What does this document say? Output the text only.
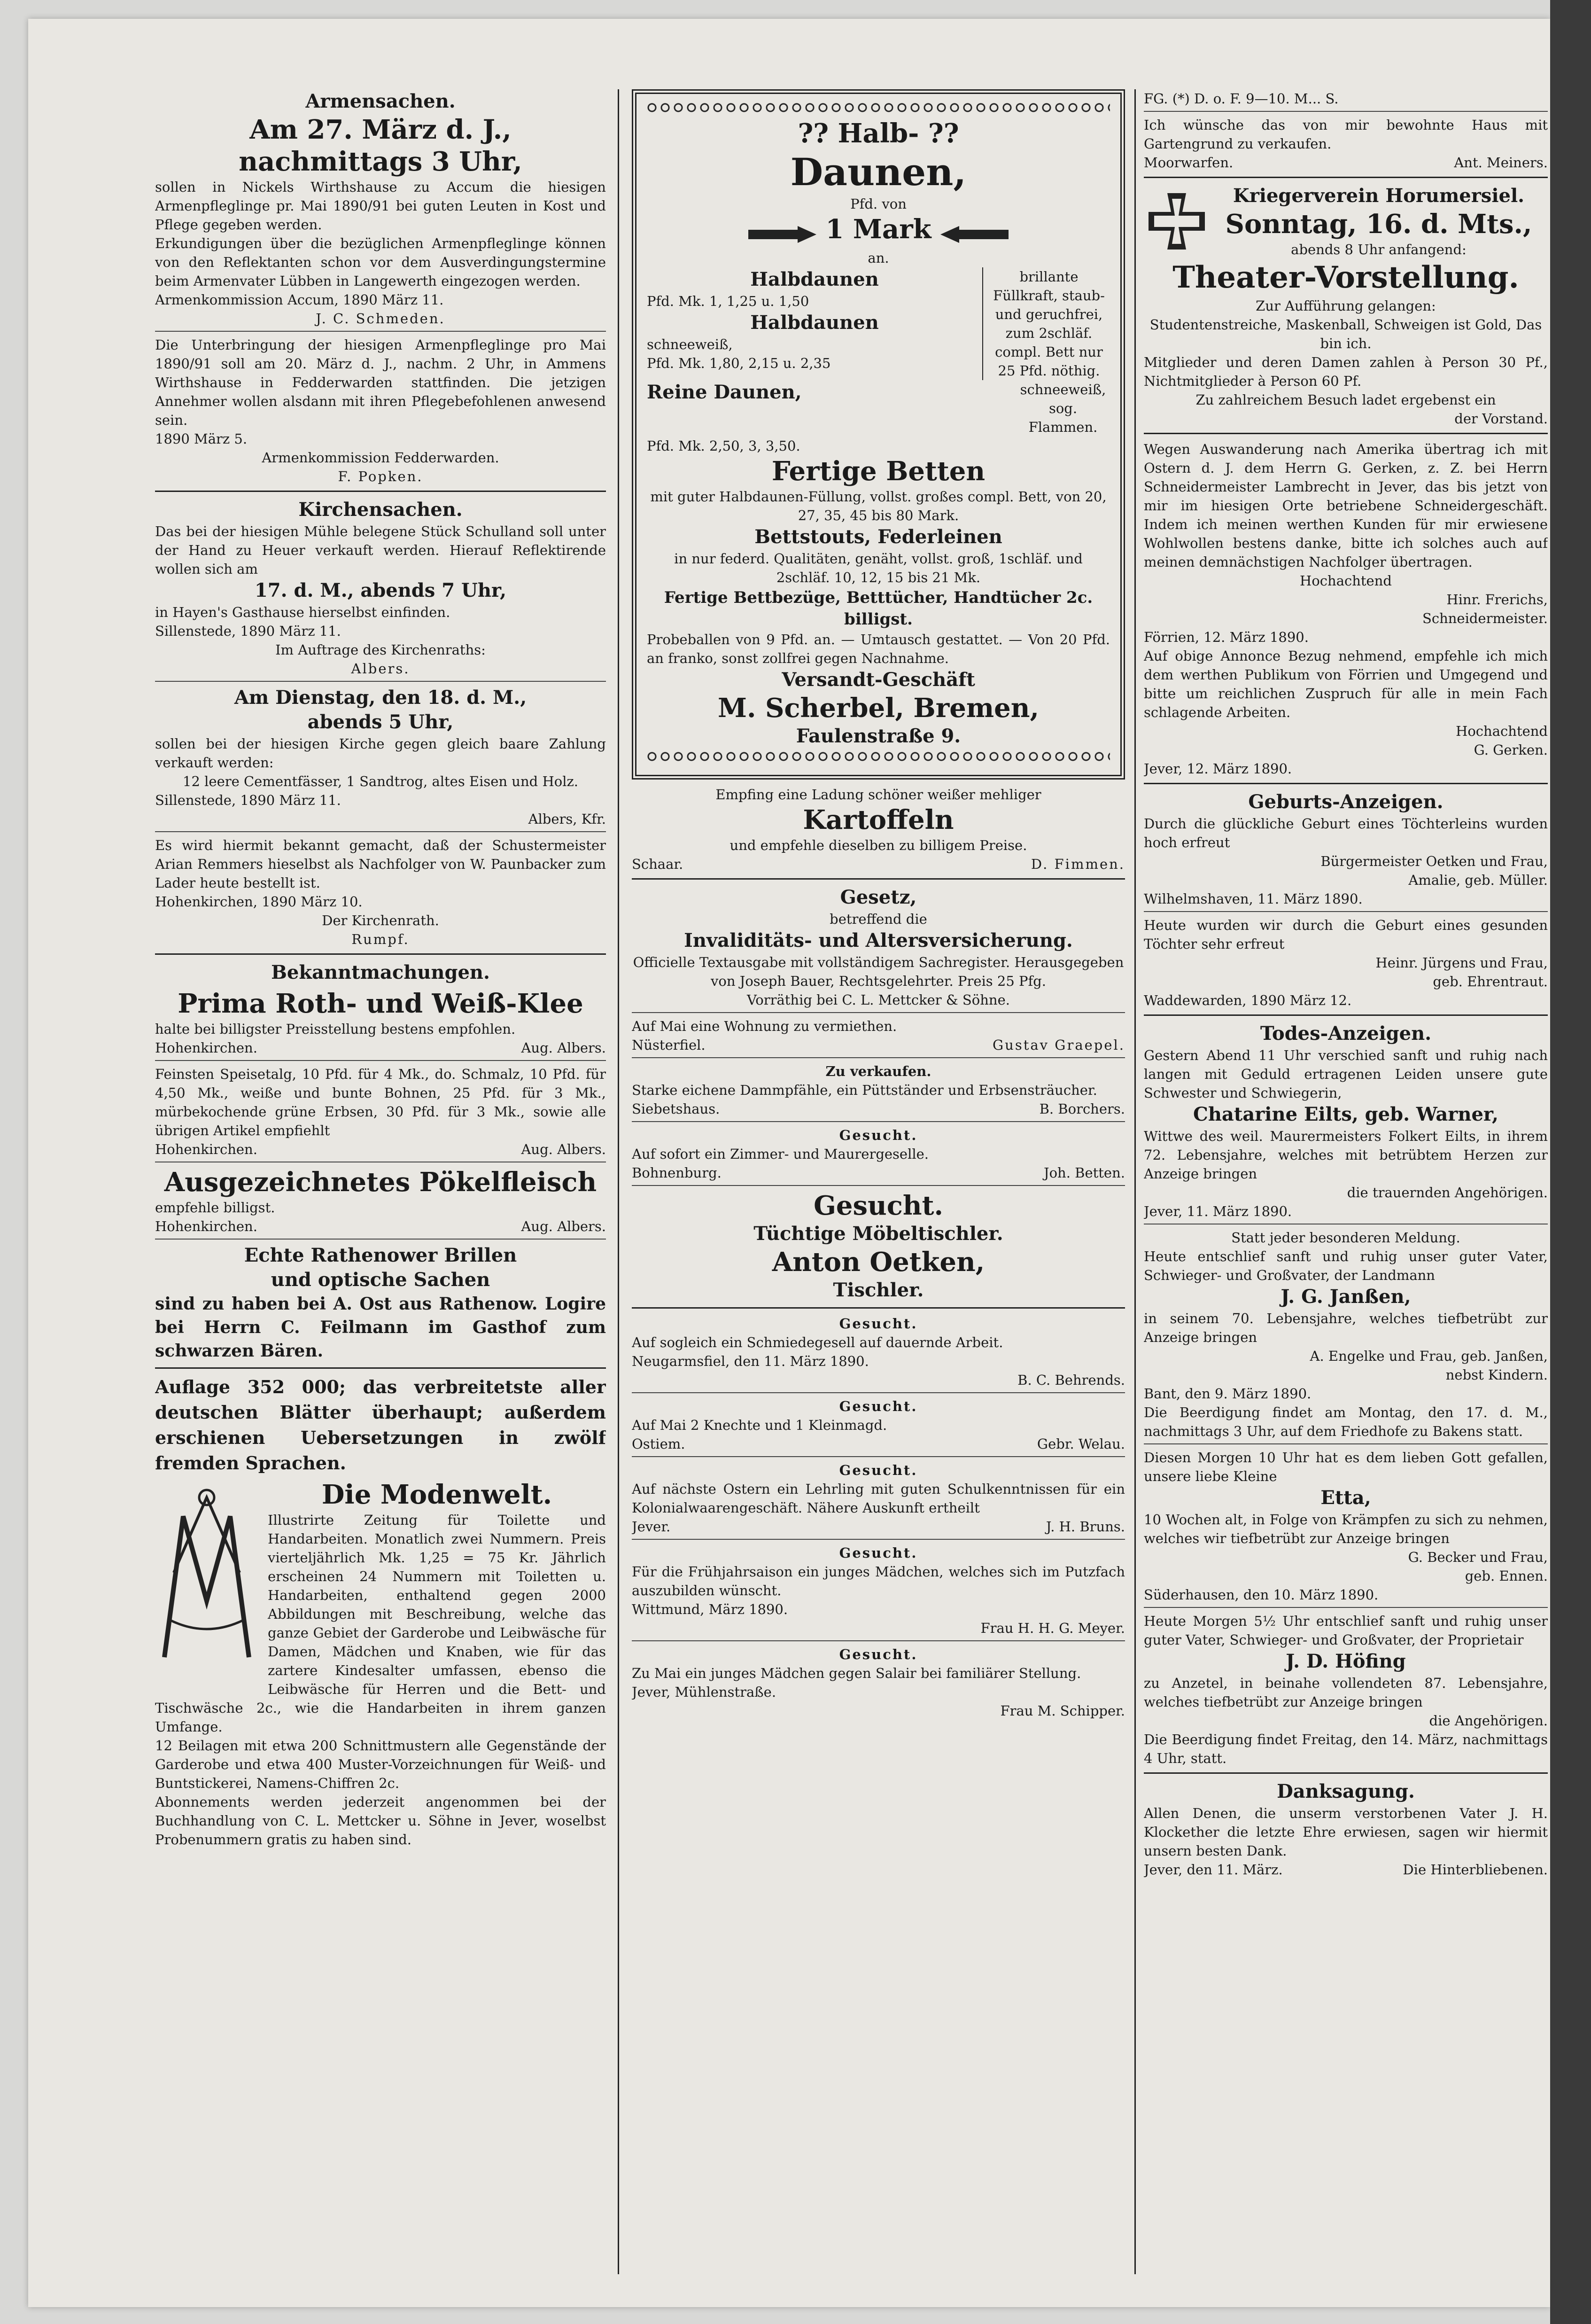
Armensachen.
Am 27. März d. J.,
nachmittags 3 Uhr,
sollen in Nickels Wirthshause zu Accum die hiesigen Armenpfleglinge pr. Mai 1890/91 bei guten Leuten in Kost und Pflege gegeben werden.
Erkundigungen über die bezüglichen Armenpfleglinge können von den Reflektanten schon vor dem Ausverdingungstermine beim Armenvater Lübben in Langewerth eingezogen werden.
Armenkommission Accum, 1890 März 11.
J. C. Schmeden.
Die Unterbringung der hiesigen Armenpfleglinge pro Mai 1890/91 soll am 20. März d. J., nachm. 2 Uhr, in Ammens Wirthshause in Fedderwarden stattfinden. Die jetzigen Annehmer wollen alsdann mit ihren Pflegebefohlenen anwesend sein.
1890 März 5.
Armenkommission Fedderwarden.
F. Popken.
Kirchensachen.
Das bei der hiesigen Mühle belegene Stück Schulland soll unter der Hand zu Heuer verkauft werden. Hierauf Reflektirende wollen sich am
17. d. M., abends 7 Uhr,
in Hayen's Gasthause hierselbst einfinden.
Sillenstede, 1890 März 11.
Im Auftrage des Kirchenraths:
Albers.
Am Dienstag, den 18. d. M.,
abends 5 Uhr,
sollen bei der hiesigen Kirche gegen gleich baare Zahlung verkauft werden:
12 leere Cementfässer, 1 Sandtrog, altes Eisen und Holz.
Sillenstede, 1890 März 11.
Albers, Kfr.
Es wird hiermit bekannt gemacht, daß der Schustermeister Arian Remmers hieselbst als Nachfolger von W. Paunbacker zum Lader heute bestellt ist.
Hohenkirchen, 1890 März 10.
Der Kirchenrath.
Rumpf.
Bekanntmachungen.
Prima Roth- und Weiß-Klee
halte bei billigster Preisstellung bestens empfohlen.
Hohenkirchen.	Aug. Albers.
Feinsten Speisetalg, 10 Pfd. für 4 Mk., do. Schmalz, 10 Pfd. für 4,50 Mk., weiße und bunte Bohnen, 25 Pfd. für 3 Mk., mürbekochende grüne Erbsen, 30 Pfd. für 3 Mk., sowie alle übrigen Artikel empfiehlt
Hohenkirchen.	Aug. Albers.
Ausgezeichnetes Pökelfleisch
empfehle billigst.
Hohenkirchen.	Aug. Albers.
Echte Rathenower Brillen
und optische Sachen
sind zu haben bei A. Ost aus Rathenow. Logire bei Herrn C. Feilmann im Gasthof zum schwarzen Bären.
Auflage 352 000; das verbreitetste aller deutschen Blätter überhaupt; außerdem erschienen Uebersetzungen in zwölf fremden Sprachen.
Die Modenwelt.
Illustrirte Zeitung für Toilette und Handarbeiten. Monatlich zwei Nummern. Preis vierteljährlich Mk. 1,25 = 75 Kr. Jährlich erscheinen 24 Nummern mit Toiletten u. Handarbeiten, enthaltend gegen 2000 Abbildungen mit Beschreibung, welche das ganze Gebiet der Garderobe und Leibwäsche für Damen, Mädchen und Knaben, wie für das zartere Kindesalter umfassen, ebenso die Leibwäsche für Herren und die Bett- und Tischwäsche 2c., wie die Handarbeiten in ihrem ganzen Umfange.
12 Beilagen mit etwa 200 Schnittmustern alle Gegenstände der Garderobe und etwa 400 Muster-Vorzeichnungen für Weiß- und Buntstickerei, Namens-Chiffren 2c.
Abonnements werden jederzeit angenommen bei der Buchhandlung von C. L. Mettcker u. Söhne in Jever, woselbst Probenummern gratis zu haben sind.
?? Halb- ??
Daunen,
Pfd. von
1 Mark
an.
Halbdaunen
Pfd. Mk. 1, 1,25 u. 1,50
Halbdaunen
schneeweiß,
Pfd. Mk. 1,80, 2,15 u. 2,35
brillante Füllkraft, staub- und geruchfrei, zum 2schläf. compl. Bett nur 25 Pfd. nöthig.
Reine Daunen,	schneeweiß, sog. Flammen.
Pfd. Mk. 2,50, 3, 3,50.
Fertige Betten
mit guter Halbdaunen-Füllung, vollst. großes compl. Bett, von 20, 27, 35, 45 bis 80 Mark.
Bettstouts, Federleinen
in nur federd. Qualitäten, genäht, vollst. groß, 1schläf. und 2schläf. 10, 12, 15 bis 21 Mk.
Fertige Bettbezüge, Betttücher, Handtücher 2c. billigst.
Probeballen von 9 Pfd. an. — Umtausch gestattet. — Von 20 Pfd. an franko, sonst zollfrei gegen Nachnahme.
Versandt-Geschäft
M. Scherbel, Bremen,
Faulenstraße 9.
Empfing eine Ladung schöner weißer mehliger
Kartoffeln
und empfehle dieselben zu billigem Preise.
Schaar.	D. Fimmen.
Gesetz,
betreffend die
Invaliditäts- und Altersversicherung.
Officielle Textausgabe mit vollständigem Sachregister. Herausgegeben von Joseph Bauer, Rechtsgelehrter. Preis 25 Pfg.
Vorräthig bei C. L. Mettcker & Söhne.
Auf Mai eine Wohnung zu vermiethen.
Nüsterfiel.	Gustav Graepel.
Zu verkaufen.
Starke eichene Dammpfähle, ein Püttständer und Erbsensträucher.
Siebetshaus.	B. Borchers.
Gesucht.
Auf sofort ein Zimmer- und Maurergeselle.
Bohnenburg.	Joh. Betten.
Gesucht.
Tüchtige Möbeltischler.
Anton Oetken,
Tischler.
Gesucht.
Auf sogleich ein Schmiedegesell auf dauernde Arbeit.
Neugarmsfiel, den 11. März 1890.
B. C. Behrends.
Gesucht.
Auf Mai 2 Knechte und 1 Kleinmagd.
Ostiem.	Gebr. Welau.
Gesucht.
Auf nächste Ostern ein Lehrling mit guten Schulkenntnissen für ein Kolonialwaarengeschäft. Nähere Auskunft ertheilt
Jever.	J. H. Bruns.
Gesucht.
Für die Frühjahrsaison ein junges Mädchen, welches sich im Putzfach auszubilden wünscht.
Wittmund, März 1890.
Frau H. H. G. Meyer.
Gesucht.
Zu Mai ein junges Mädchen gegen Salair bei familiärer Stellung.
Jever, Mühlenstraße.
Frau M. Schipper.
FG. (*) D. o. F. 9—10. M... S.
Ich wünsche das von mir bewohnte Haus mit Gartengrund zu verkaufen.
Moorwarfen.	Ant. Meiners.
Kriegerverein Horumersiel.
Sonntag, 16. d. Mts.,
abends 8 Uhr anfangend:
Theater-Vorstellung.
Zur Aufführung gelangen:
Studentenstreiche, Maskenball, Schweigen ist Gold, Das bin ich.
Mitglieder und deren Damen zahlen à Person 30 Pf., Nichtmitglieder à Person 60 Pf.
Zu zahlreichem Besuch ladet ergebenst ein
der Vorstand.
Wegen Auswanderung nach Amerika übertrag ich mit Ostern d. J. dem Herrn G. Gerken, z. Z. bei Herrn Schneidermeister Lambrecht in Jever, das bis jetzt von mir im hiesigen Orte betriebene Schneidergeschäft. Indem ich meinen werthen Kunden für mir erwiesene Wohlwollen bestens danke, bitte ich solches auch auf meinen demnächstigen Nachfolger übertragen.
Hochachtend
Hinr. Frerichs,
Schneidermeister.
Förrien, 12. März 1890.
Auf obige Annonce Bezug nehmend, empfehle ich mich dem werthen Publikum von Förrien und Umgegend und bitte um reichlichen Zuspruch für alle in mein Fach schlagende Arbeiten.
Hochachtend
G. Gerken.
Jever, 12. März 1890.
Geburts-Anzeigen.
Durch die glückliche Geburt eines Töchterleins wurden hoch erfreut
Bürgermeister Oetken und Frau,
Amalie, geb. Müller.
Wilhelmshaven, 11. März 1890.
Heute wurden wir durch die Geburt eines gesunden Töchter sehr erfreut
Heinr. Jürgens und Frau,
geb. Ehrentraut.
Waddewarden, 1890 März 12.
Todes-Anzeigen.
Gestern Abend 11 Uhr verschied sanft und ruhig nach langen mit Geduld ertragenen Leiden unsere gute Schwester und Schwiegerin,
Chatarine Eilts, geb. Warner,
Wittwe des weil. Maurermeisters Folkert Eilts, in ihrem 72. Lebensjahre, welches mit betrübtem Herzen zur Anzeige bringen
die trauernden Angehörigen.
Jever, 11. März 1890.
Statt jeder besonderen Meldung.
Heute entschlief sanft und ruhig unser guter Vater, Schwieger- und Großvater, der Landmann
J. G. Janßen,
in seinem 70. Lebensjahre, welches tiefbetrübt zur Anzeige bringen
A. Engelke und Frau, geb. Janßen,
nebst Kindern.
Bant, den 9. März 1890.
Die Beerdigung findet am Montag, den 17. d. M., nachmittags 3 Uhr, auf dem Friedhofe zu Bakens statt.
Diesen Morgen 10 Uhr hat es dem lieben Gott gefallen, unsere liebe Kleine
Etta,
10 Wochen alt, in Folge von Krämpfen zu sich zu nehmen, welches wir tiefbetrübt zur Anzeige bringen
G. Becker und Frau,
geb. Ennen.
Süderhausen, den 10. März 1890.
Heute Morgen 5½ Uhr entschlief sanft und ruhig unser guter Vater, Schwieger- und Großvater, der Proprietair
J. D. Höfing
zu Anzetel, in beinahe vollendeten 87. Lebensjahre, welches tiefbetrübt zur Anzeige bringen
die Angehörigen.
Die Beerdigung findet Freitag, den 14. März, nachmittags 4 Uhr, statt.
Danksagung.
Allen Denen, die unserm verstorbenen Vater J. H. Klockether die letzte Ehre erwiesen, sagen wir hiermit unsern besten Dank.
Jever, den 11. März.	Die Hinterbliebenen.
